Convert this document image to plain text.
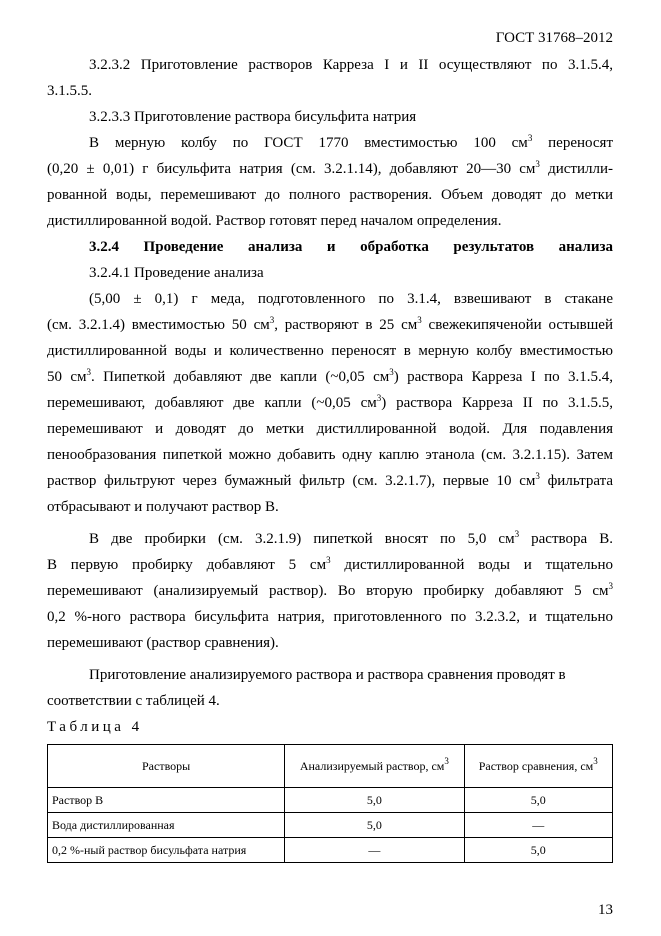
ГОСТ 31768–2012

3.2.3.2 Приготовление растворов Карреза I и II осуществляют по 3.1.5.4,

3.1.5.5.

3.2.3.3 Приготовление раствора бисульфита натрия

В мерную колбу по ГОСТ 1770 вместимостью 100 $см^3$ переносят

(0,20 ± 0,01) г бисульфита натрия (см. 3.2.1.14), добавляют 20—30 $см^3$ дистилли-

рованной воды, перемешивают до полного растворения. Объем доводят до метки

дистиллированной водой. Раствор готовят перед началом определения.

3.2.4 Проведение анализа и обработка результатов анализа

3.2.4.1 Проведение анализа

(5,00 ± 0,1) г меда, подготовленного по 3.1.4, взвешивают в стакане

(см. 3.2.1.4) вместимостью 50 $см^3$, растворяют в 25 $см^3$ свежекипяченойи остывшей

дистиллированной воды и количественно переносят в мерную колбу вместимостью

50 $см^3$. Пипеткой добавляют две капли (~0,05 $см^3$) раствора Карреза I по 3.1.5.4,

перемешивают, добавляют две капли (~0,05 $см^3$) раствора Карреза II по 3.1.5.5,

перемешивают и доводят до метки дистиллированной водой. Для подавления

пенообразования пипеткой можно добавить одну каплю этанола (см. 3.2.1.15). Затем

раствор фильтруют через бумажный фильтр (см. 3.2.1.7), первые 10 $см^3$ фильтрата

отбрасывают и получают раствор В.

В две пробирки (см. 3.2.1.9) пипеткой вносят по 5,0 $см^3$ раствора В.

В первую пробирку добавляют 5 $см^3$ дистиллированной воды и тщательно

перемешивают (анализируемый раствор). Во вторую пробирку добавляют 5 $см^3$

0,2 %-ного раствора бисульфита натрия, приготовленного по 3.2.3.2, и тщательно

перемешивают (раствор сравнения).

Приготовление анализируемого раствора и раствора сравнения проводят в

соответствии с таблицей 4.

Таблица 4

Растворы	Анализируемый раствор, $см^3$	Раствор сравнения, $см^3$
Раствор В	5,0	5,0
Вода дистиллированная	5,0	—
0,2 %-ный раствор бисульфата натрия	—	5,0
13
